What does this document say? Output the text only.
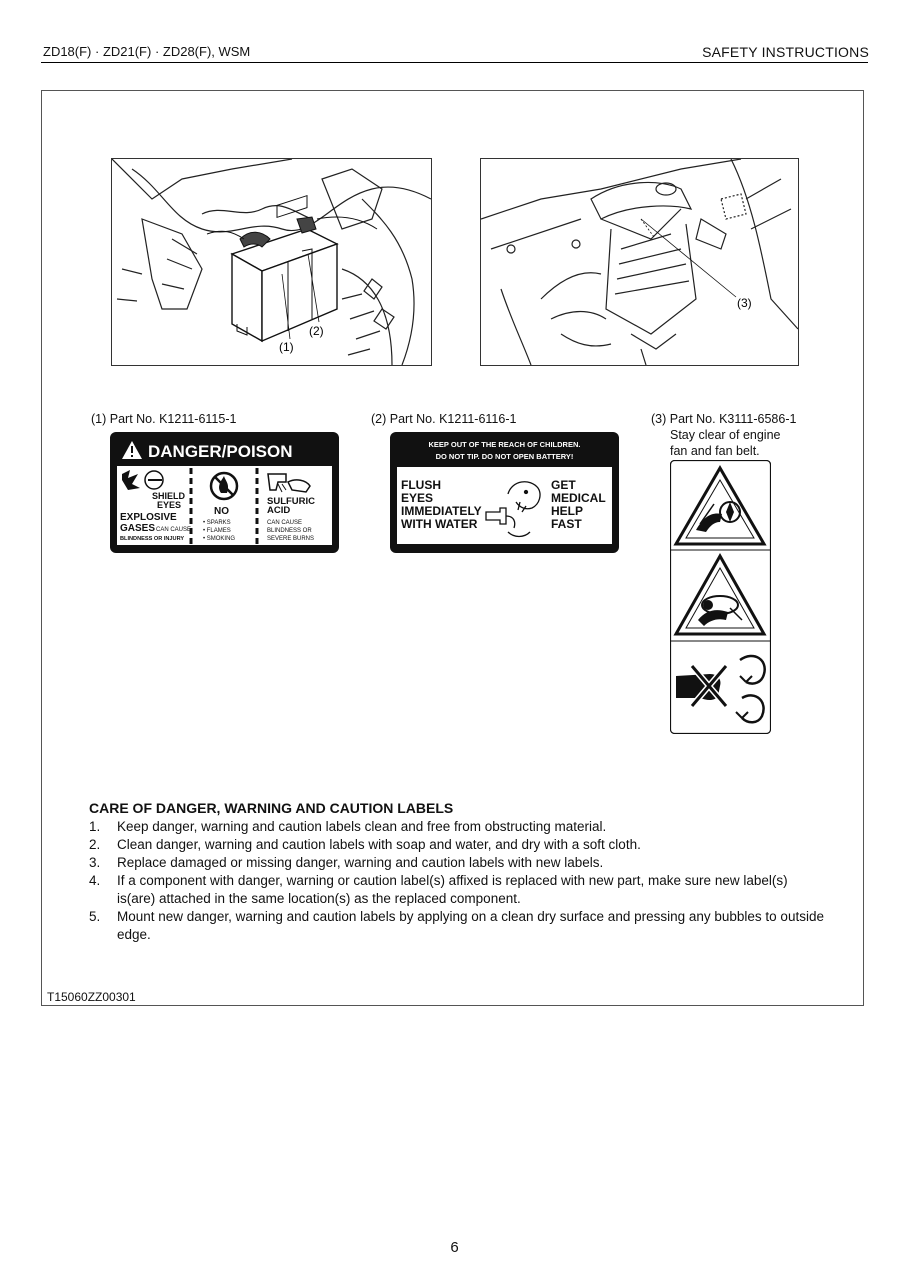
ZD18(F) · ZD21(F) · ZD28(F), WSM	SAFETY INSTRUCTIONS
(1)
(2)
(3)
(1) Part No. K1211-6115-1	(2) Part No. K1211-6116-1	(3) Part No. K3111-6586-1
Stay clear of engine
fan and fan belt.
DANGER/POISON
SHIELD
EYES
EXPLOSIVE
GASES CAN CAUSE
BLINDNESS OR INJURY
NO
• SPARKS
• FLAMES
• SMOKING
SULFURIC
ACID
CAN CAUSE
BLINDNESS OR
SEVERE BURNS
KEEP OUT OF THE REACH OF CHILDREN.
DO NOT TIP. DO NOT OPEN BATTERY!
FLUSH
EYES
IMMEDIATELY
WITH WATER
GET
MEDICAL
HELP
FAST
CARE OF DANGER, WARNING AND CAUTION LABELS
1.	Keep danger, warning and caution labels clean and free from obstructing material.
2.	Clean danger, warning and caution labels with soap and water, and dry with a soft cloth.
3.	Replace damaged or missing danger, warning and caution labels with new labels.
4.	If a component with danger, warning or caution label(s) affixed is replaced with new part, make sure new label(s) is(are) attached in the same location(s) as the replaced component.
5.	Mount new danger, warning and caution labels by applying on a clean dry surface and pressing any bubbles to outside edge.
T15060ZZ00301
6
